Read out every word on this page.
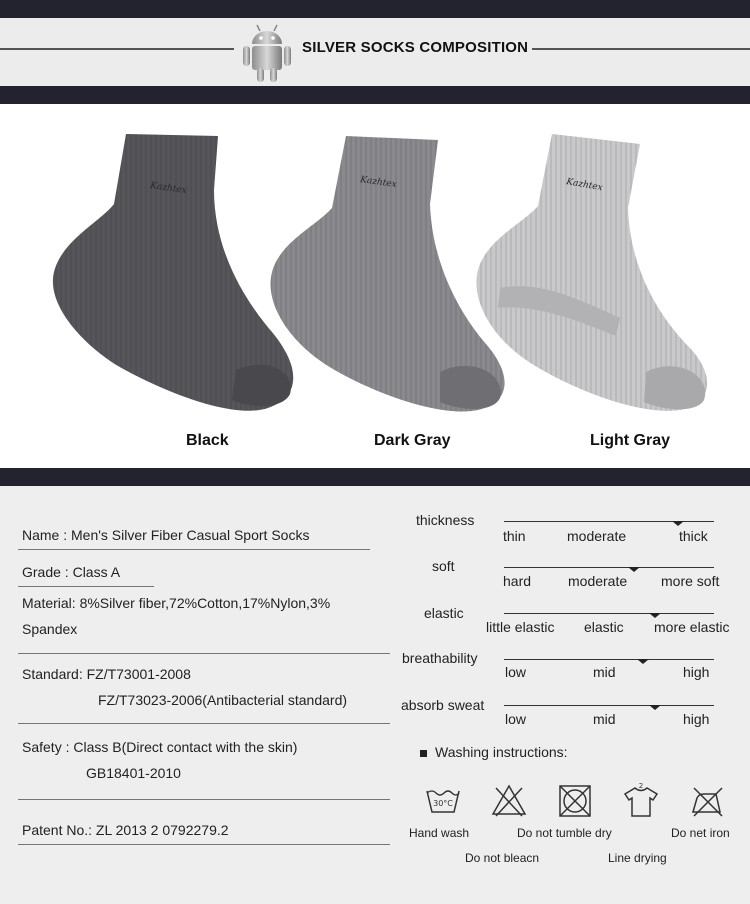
SILVER SOCKS COMPOSITION
Kazhtex	Kazhtex	Kazhtex
Black	Dark Gray	Light Gray
Name : Men's Silver Fiber Casual Sport Socks
Grade : Class A
Material: 8%Silver fiber,72%Cotton,17%Nylon,3%
Spandex
Standard: FZ/T73001-2008
FZ/T73023-2006(Antibacterial standard)
Safety : Class B(Direct contact with the skin)
GB18401-2010
Patent No.: ZL 2013 2 0792279.2
thickness
thin	moderate	thick
soft
hard	moderate more soft
elastic
little elastic elastic more elastic
breathability
low	mid	high
absorb sweat
low	mid	high
Washing instructions:
30°C
2
Hand wash
Do not bleacn
Do not tumble dry
Line drying
Do net iron
